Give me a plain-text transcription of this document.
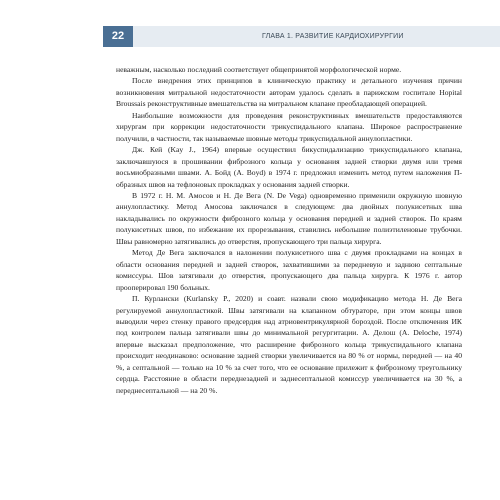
22	ГЛАВА 1. РАЗВИТИЕ КАРДИОХИРУРГИИ

неважным, насколько последний соответствует общепринятой морфологической норме.

После внедрения этих принципов в клиническую практику и детального изучения причин возникновения митральной недостаточности авторам удалось сделать в парижском госпитале Hopital Broussais реконструктивные вмешательства на митральном клапане преобладающей операцией.

Наибольшие возможности для проведения реконструктивных вмешательств предоставляются хирургам при коррекции недостаточности трикуспидального клапана. Широкое распространение получили, в частности, так называемые шовные методы трикуспидальной аннулопластики.

Дж. Кей (Kay J., 1964) впервые осуществил бикуспидализацию трикуспидального клапана, заключавшуюся в прошивании фиброзного кольца у основания задней створки двумя или тремя восьмиобразными швами. А. Бойд (A. Boyd) в 1974 г. предложил изменить метод путем наложения П-образных швов на тефлоновых прокладках у основания задней створки.

В 1972 г. Н. М. Амосов и Н. Де Вега (N. De Vega) одновременно применили окружную шовную аннулопластику. Метод Амосова заключался в следующем: два двойных полукисетных шва накладывались по окружности фиброзного кольца у основания передней и задней створок. По краям полукисетных швов, по избежание их прорезывания, ставились небольшие полиэтиленовые трубочки. Швы равномерно затягивались до отверстия, пропускающего три пальца хирурга.

Метод Де Вега заключался в наложении полукисетного шва с двумя прокладками на концах в области основания передней и задней створок, захватившими за передневую и заднюю септальные комиссуры. Шов затягивали до отверстия, пропускающего два пальца хирурга. К 1976 г. автор прооперировал 190 больных.

П. Курлански (Kurlansky P., 2020) и соавт. назвали свою модификацию метода Н. Де Вега регулируемой аннулопластикой. Швы затягивали на клапанном обтураторе, при этом концы швов выводили через стенку правого предсердия над атриовентрикулярной бороздой. После отключения ИК под контролем пальца затягивали швы до минимальной регургитации. А. Делош (A. Deloche, 1974) впервые высказал предположение, что расширение фиброзного кольца трикуспидального клапана происходит неодинаково: основание задней створки увеличивается на 80 % от нормы, передней — на 40 %, а септальной — только на 10 % за счет того, что ее основание прилежит к фиброзному треугольнику сердца. Расстояние в области переднезадней и заднесептальной комиссур увеличивается на 30 %, а переднесептальной — на 20 %.
